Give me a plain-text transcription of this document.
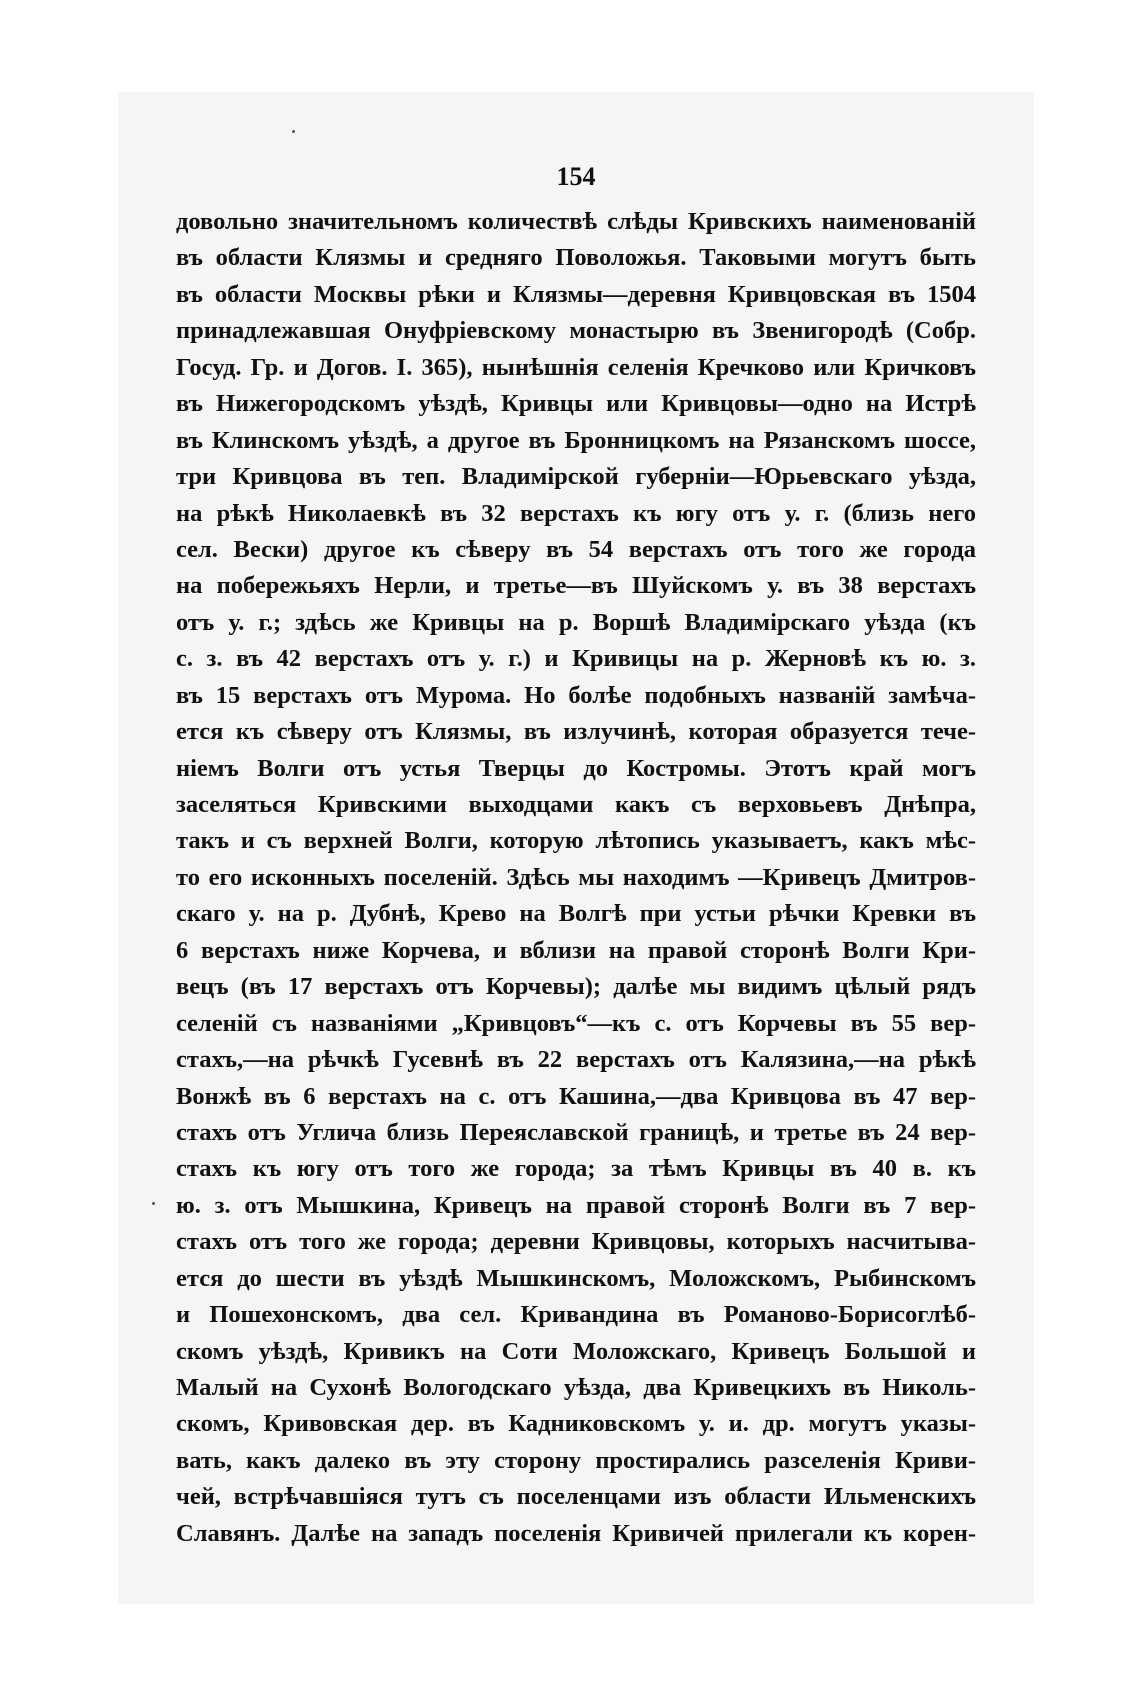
154
довольно значительномъ количествѣ слѣды Кривскихъ наименованій
въ области Клязмы и средняго Поволожья. Таковыми могутъ быть
въ области Москвы рѣки и Клязмы—деревня Кривцовская въ 1504
принадлежавшая Онуфріевскому монастырю въ Звенигородѣ (Собр.
Госуд. Гр. и Догов. I. 365), нынѣшнія селенія Кречково или Кричковъ
въ Нижегородскомъ уѣздѣ, Кривцы или Кривцовы—одно на Истрѣ
въ Клинскомъ уѣздѣ, а другое въ Бронницкомъ на Рязанскомъ шоссе,
три Кривцова въ теп. Владимірской губерніи—Юрьевскаго уѣзда,
на рѣкѣ Николаевкѣ въ 32 верстахъ къ югу отъ у. г. (близь него
сел. Вески) другое къ сѣверу въ 54 верстахъ отъ того же города
на побережьяхъ Нерли, и третье—въ Шуйскомъ у. въ 38 верстахъ
отъ у. г.; здѣсь же Кривцы на р. Воршѣ Владимірскаго уѣзда (къ
с. з. въ 42 верстахъ отъ у. г.) и Кривицы на р. Жерновѣ къ ю. з.
въ 15 верстахъ отъ Мурома. Но болѣе подобныхъ названій замѣча-
ется къ сѣверу отъ Клязмы, въ излучинѣ, которая образуется тече-
ніемъ Волги отъ устья Тверцы до Костромы. Этотъ край могъ
заселяться Кривскими выходцами какъ съ верховьевъ Днѣпра,
такъ и съ верхней Волги, которую лѣтопись указываетъ, какъ мѣс-
то его исконныхъ поселеній. Здѣсь мы находимъ —Кривецъ Дмитров-
скаго у. на р. Дубнѣ, Крево на Волгѣ при устьи рѣчки Кревки въ
6 верстахъ ниже Корчева, и вблизи на правой сторонѣ Волги Кри-
вецъ (въ 17 верстахъ отъ Корчевы); далѣе мы видимъ цѣлый рядъ
селеній съ названіями „Кривцовъ“—къ с. отъ Корчевы въ 55 вер-
стахъ,—на рѣчкѣ Гусевнѣ въ 22 верстахъ отъ Калязина,—на рѣкѣ
Вонжѣ въ 6 верстахъ на с. отъ Кашина,—два Кривцова въ 47 вер-
стахъ отъ Углича близь Переяславской границѣ, и третье въ 24 вер-
стахъ къ югу отъ того же города; за тѣмъ Кривцы въ 40 в. къ
ю. з. отъ Мышкина, Кривецъ на правой сторонѣ Волги въ 7 вер-
стахъ отъ того же города; деревни Кривцовы, которыхъ насчитыва-
ется до шести въ уѣздѣ Мышкинскомъ, Моложскомъ, Рыбинскомъ
и Пошехонскомъ, два сел. Кривандина въ Романово-Борисоглѣб-
скомъ уѣздѣ, Кривикъ на Сoти Моложскаго, Кривецъ Большой и
Малый на Сухонѣ Вологодскаго уѣзда, два Кривецкихъ въ Николь-
скомъ, Кривовская дер. въ Кадниковскомъ у. и. др. могутъ указы-
вать, какъ далеко въ эту сторону простирались разселенія Криви-
чей, встрѣчавшіяся тутъ съ поселенцами изъ области Ильменскихъ
Славянъ. Далѣе на западъ поселенія Кривичей прилегали къ корен-
